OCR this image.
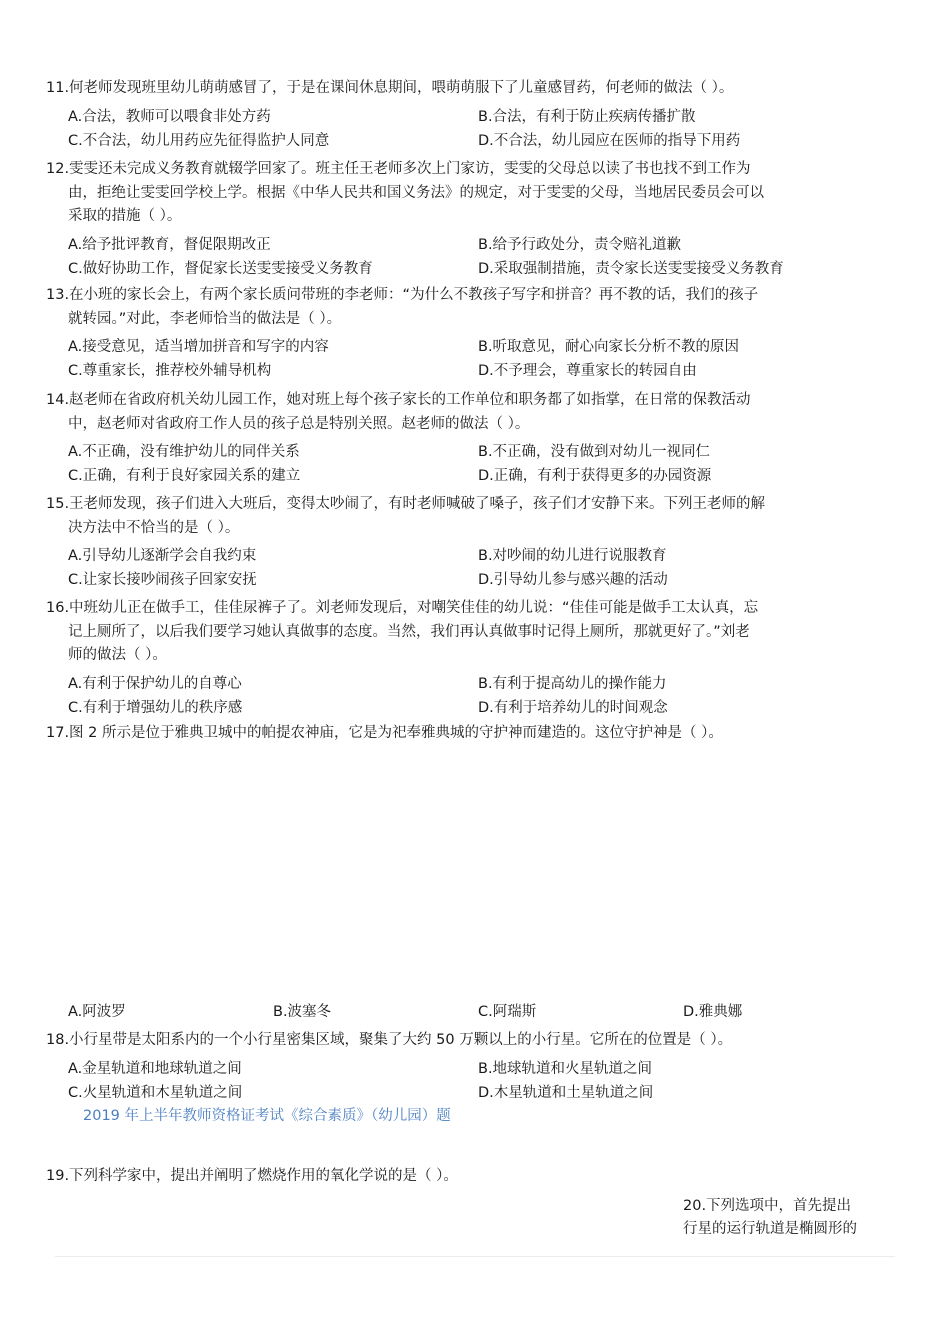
11.何老师发现班里幼儿萌萌感冒了，于是在课间休息期间，喂萌萌服下了儿童感冒药，何老师的做法（ ）。
A.合法，教师可以喂食非处方药	B.合法，有利于防止疾病传播扩散
C.不合法，幼儿用药应先征得监护人同意	D.不合法，幼儿园应在医师的指导下用药
12.雯雯还未完成义务教育就辍学回家了。班主任王老师多次上门家访，雯雯的父母总以读了书也找不到工作为
由，拒绝让雯雯回学校上学。根据《中华人民共和国义务法》的规定，对于雯雯的父母，当地居民委员会可以
采取的措施（ ）。
A.给予批评教育，督促限期改正	B.给予行政处分，责令赔礼道歉
C.做好协助工作，督促家长送雯雯接受义务教育	D.采取强制措施，责令家长送雯雯接受义务教育
13.在小班的家长会上，有两个家长质问带班的李老师：“为什么不教孩子写字和拼音？再不教的话，我们的孩子
就转园。”对此，李老师恰当的做法是（ ）。
A.接受意见，适当增加拼音和写字的内容	B.听取意见，耐心向家长分析不教的原因
C.尊重家长，推荐校外辅导机构	D.不予理会，尊重家长的转园自由
14.赵老师在省政府机关幼儿园工作，她对班上每个孩子家长的工作单位和职务都了如指掌，在日常的保教活动
中，赵老师对省政府工作人员的孩子总是特别关照。赵老师的做法（ ）。
A.不正确，没有维护幼儿的同伴关系	B.不正确，没有做到对幼儿一视同仁
C.正确，有利于良好家园关系的建立	D.正确，有利于获得更多的办园资源
15.王老师发现，孩子们进入大班后，变得太吵闹了，有时老师喊破了嗓子，孩子们才安静下来。下列王老师的解
决方法中不恰当的是（ ）。
A.引导幼儿逐渐学会自我约束	B.对吵闹的幼儿进行说服教育
C.让家长接吵闹孩子回家安抚	D.引导幼儿参与感兴趣的活动
16.中班幼儿正在做手工，佳佳尿裤子了。刘老师发现后，对嘲笑佳佳的幼儿说：“佳佳可能是做手工太认真，忘
记上厕所了，以后我们要学习她认真做事的态度。当然，我们再认真做事时记得上厕所，那就更好了。”刘老
师的做法（ ）。
A.有利于保护幼儿的自尊心	B.有利于提高幼儿的操作能力
C.有利于增强幼儿的秩序感	D.有利于培养幼儿的时间观念
17.图 2 所示是位于雅典卫城中的帕提农神庙，它是为祀奉雅典城的守护神而建造的。这位守护神是（ ）。
A.阿波罗	B.波塞冬	C.阿瑞斯	D.雅典娜
18.小行星带是太阳系内的一个小行星密集区域，聚集了大约 50 万颗以上的小行星。它所在的位置是（ ）。
A.金星轨道和地球轨道之间	B.地球轨道和火星轨道之间
C.火星轨道和木星轨道之间	D.木星轨道和土星轨道之间
2019 年上半年教师资格证考试《综合素质》（幼儿园）题
19.下列科学家中，提出并阐明了燃烧作用的氧化学说的是（ ）。
20.下列选项中，首先提出
行星的运行轨道是椭圆形的
